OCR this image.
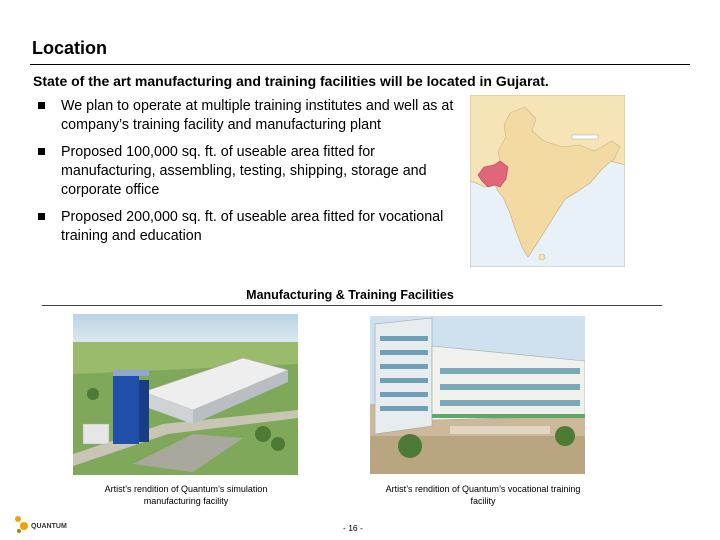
Location
State of the art manufacturing and training facilities will be located in Gujarat.
We plan to operate at multiple training institutes and well as at company’s training facility and manufacturing plant
Proposed 100,000 sq. ft. of useable area fitted for manufacturing, assembling, testing, shipping, storage and corporate office
Proposed 200,000 sq. ft. of useable area fitted for vocational training and education
Manufacturing & Training Facilities
Artist’s rendition of Quantum’s simulation manufacturing facility
Artist’s rendition of Quantum’s vocational training facility
QUANTUM	- 16 -
